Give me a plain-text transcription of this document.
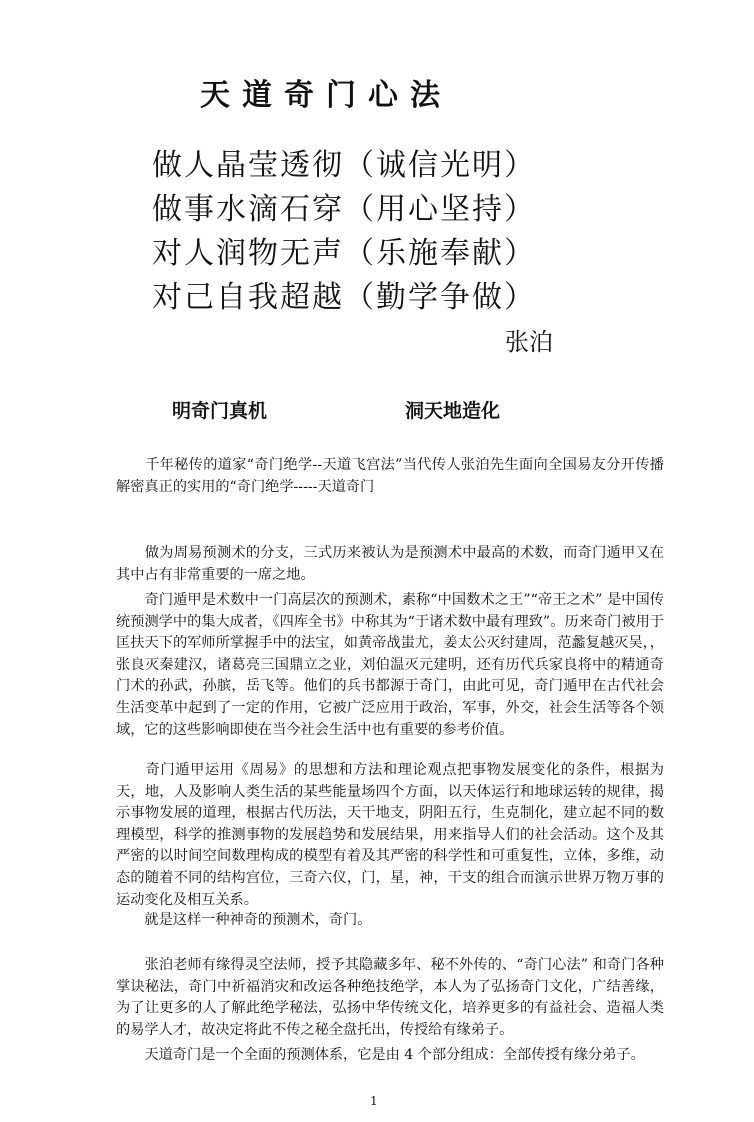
天道奇门心法
做人晶莹透彻（诚信光明）
做事水滴石穿（用心坚持）
对人润物无声（乐施奉献）
对己自我超越（勤学争做）
张泊
明奇门真机	洞天地造化
　　千年秘传的道家“奇门绝学--天道飞宫法”当代传人张泊先生面向全国易友分开传播解密真正的实用的“奇门绝学-----天道奇门
　　做为周易预测术的分支，三式历来被认为是预测术中最高的术数，而奇门遁甲又在其中占有非常重要的一席之地。
　　奇门遁甲是术数中一门高层次的预测术，素称“中国数术之王”“帝王之术” 是中国传统预测学中的集大成者，《四库全书》中称其为“于诸术数中最有理致”。历来奇门被用于匡扶天下的军师所掌握手中的法宝，如黄帝战蚩尤，姜太公灭纣建周，范蠡复越灭吴，，张良灭秦建汉，诸葛亮三国鼎立之业，刘伯温灭元建明，还有历代兵家良将中的精通奇门术的孙武，孙膑，岳飞等。他们的兵书都源于奇门，由此可见，奇门遁甲在古代社会生活变革中起到了一定的作用，它被广泛应用于政治，军事，外交，社会生活等各个领域，它的这些影响即使在当今社会生活中也有重要的参考价值。
　　奇门遁甲运用《周易》的思想和方法和理论观点把事物发展变化的条件，根据为天，地，人及影响人类生活的某些能量场四个方面，以天体运行和地球运转的规律，揭示事物发展的道理，根据古代历法，天干地支，阴阳五行，生克制化，建立起不同的数理模型，科学的推测事物的发展趋势和发展结果，用来指导人们的社会活动。这个及其严密的以时间空间数理构成的模型有着及其严密的科学性和可重复性，立体，多维，动态的随着不同的结构宫位，三奇六仪，门，星，神，干支的组合而演示世界万物万事的运动变化及相互关系。
　　就是这样一种神奇的预测术，奇门。
　　张泊老师有缘得灵空法师，授予其隐藏多年、秘不外传的、“奇门心法” 和奇门各种掌诀秘法，奇门中祈福消灾和改运各种绝技绝学，本人为了弘扬奇门文化，广结善缘，为了让更多的人了解此绝学秘法，弘扬中华传统文化，培养更多的有益社会、造福人类的易学人才，故决定将此不传之秘全盘托出，传授给有缘弟子。
　　天道奇门是一个全面的预测体系，它是由 4 个部分组成：全部传授有缘分弟子。
1
